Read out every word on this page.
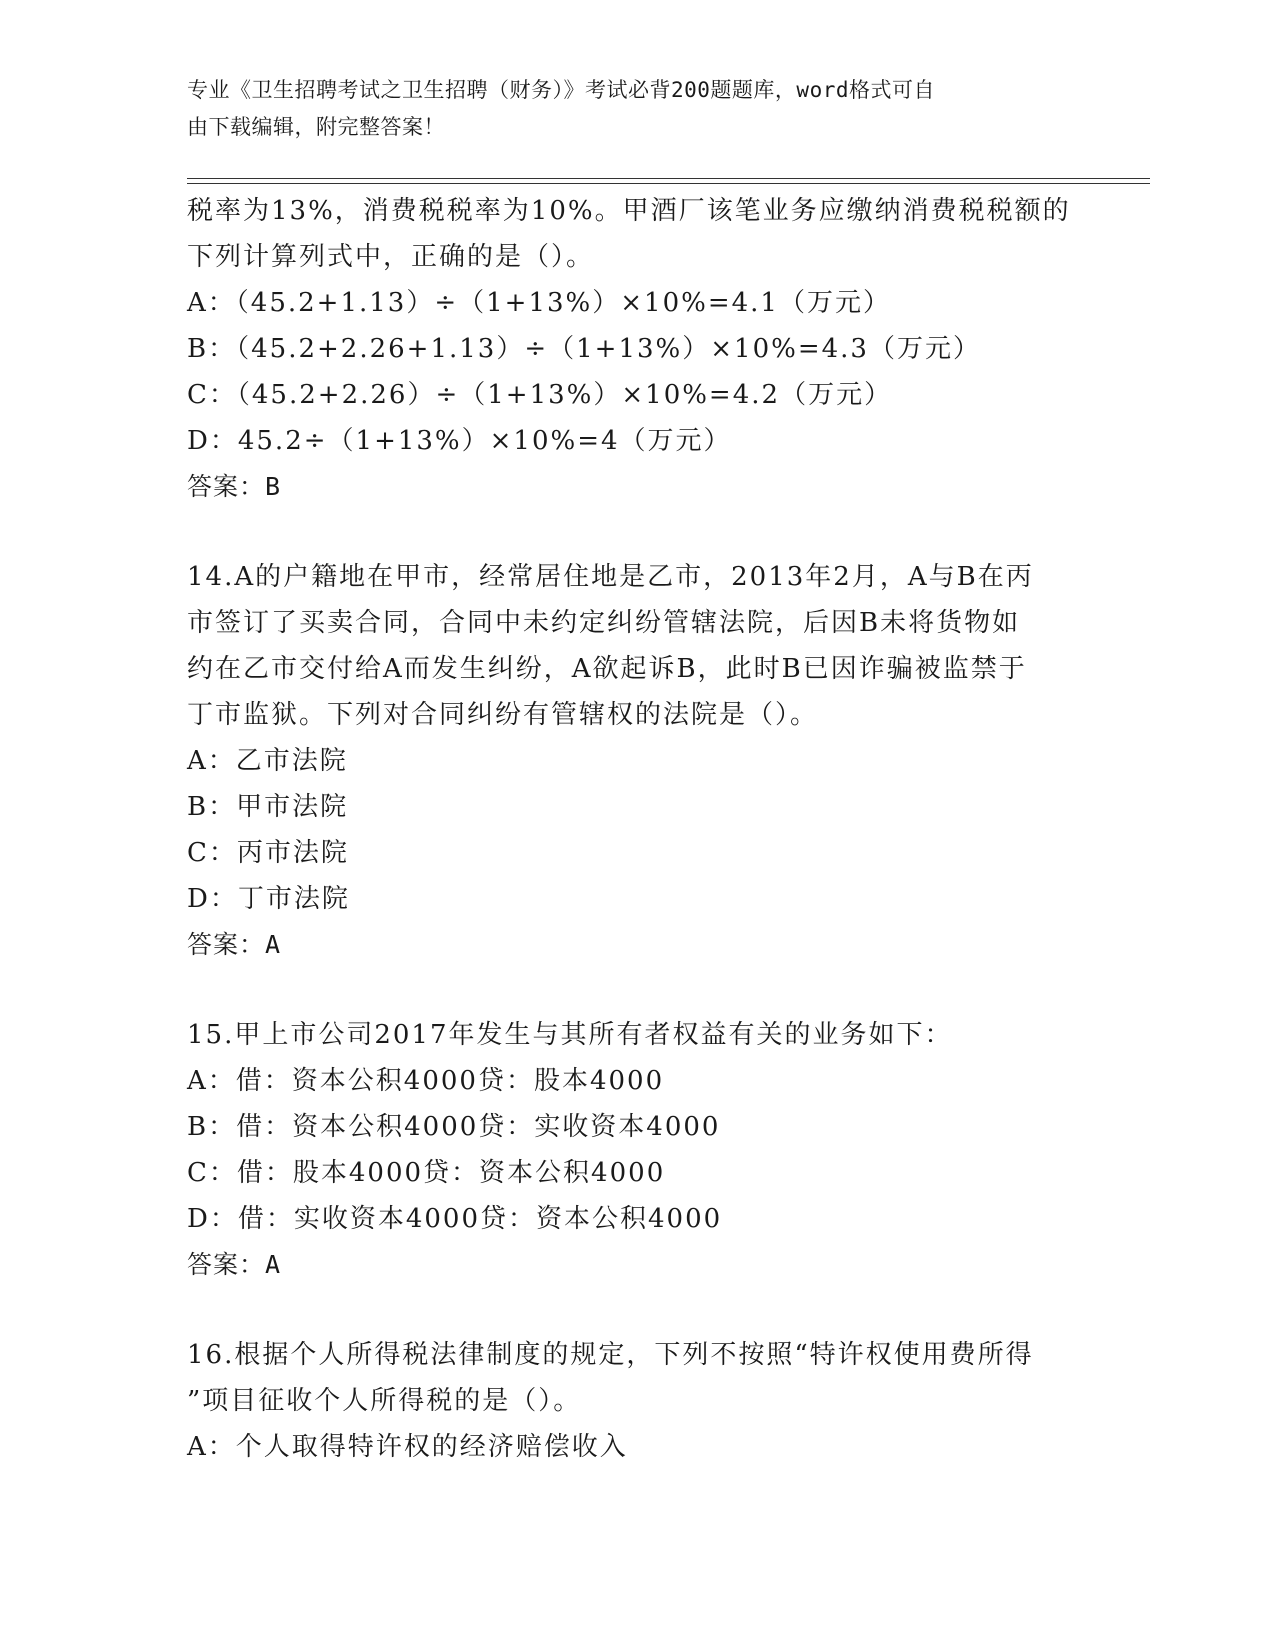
专业《卫生招聘考试之卫生招聘（财务）》考试必背200题题库，word格式可自
由下载编辑，附完整答案！
税率为13%，消费税税率为10%。甲酒厂该笔业务应缴纳消费税税额的
下列计算列式中，正确的是（）。
A：（45.2+1.13）÷（1+13%）×10%=4.1（万元）
B：（45.2+2.26+1.13）÷（1+13%）×10%=4.3（万元）
C：（45.2+2.26）÷（1+13%）×10%=4.2（万元）
D：45.2÷（1+13%）×10%=4（万元）
答案：B
14.A的户籍地在甲市，经常居住地是乙市，2013年2月，A与B在丙
市签订了买卖合同，合同中未约定纠纷管辖法院，后因B未将货物如
约在乙市交付给A而发生纠纷，A欲起诉B，此时B已因诈骗被监禁于
丁市监狱。下列对合同纠纷有管辖权的法院是（）。
A：乙市法院
B：甲市法院
C：丙市法院
D：丁市法院
答案：A
15.甲上市公司2017年发生与其所有者权益有关的业务如下：
A：借：资本公积4000贷：股本4000
B：借：资本公积4000贷：实收资本4000
C：借：股本4000贷：资本公积4000
D：借：实收资本4000贷：资本公积4000
答案：A
16.根据个人所得税法律制度的规定，下列不按照“特许权使用费所得
”项目征收个人所得税的是（）。
A：个人取得特许权的经济赔偿收入
